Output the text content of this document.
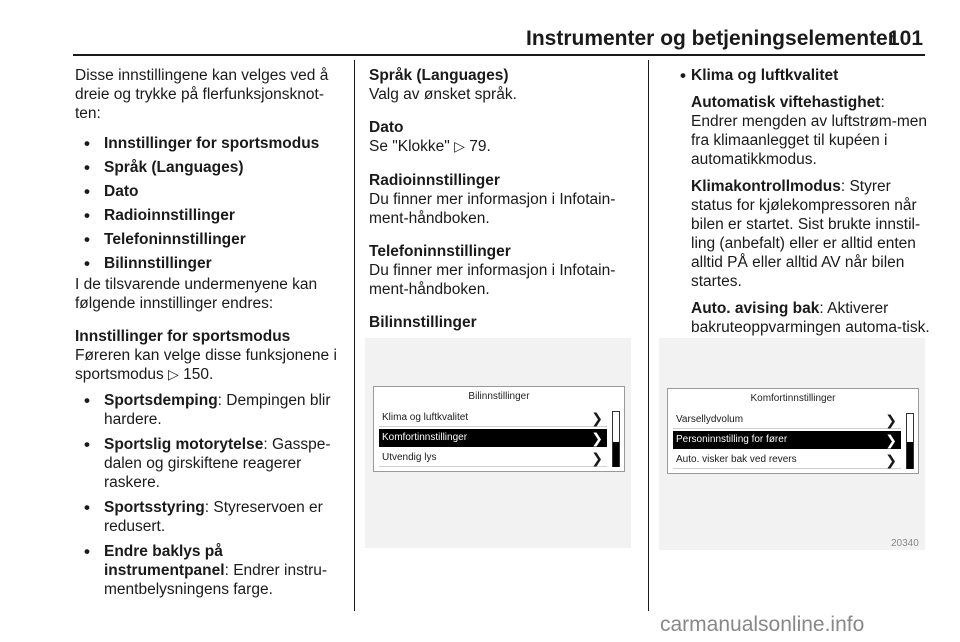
Instrumenter og betjeningselementer
101

Disse innstillingene kan velges ved å dreie og trykke på flerfunksjonsknot-ten:

• Innstillinger for sportsmodus
• Språk (Languages)
• Dato
• Radioinnstillinger
• Telefoninnstillinger
• Bilinnstillinger

I de tilsvarende undermenyene kan følgende innstillinger endres:

Innstillinger for sportsmodus

Føreren kan velge disse funksjonene i sportsmodus ▷ 150.

• Sportsdemping: Dempingen blir hardere.
• Sportslig motorytelse: Gasspe-dalen og girskiftene reagerer raskere.
• Sportsstyring: Styreservoen er redusert.
• Endre baklys på instrumentpanel: Endrer instru-mentbelysningens farge.

Språk (Languages)

Valg av ønsket språk.

Dato

Se "Klokke" ▷ 79.

Radioinnstillinger

Du finner mer informasjon i Infotain-ment-håndboken.

Telefoninnstillinger

Du finner mer informasjon i Infotain-ment-håndboken.

Bilinnstillinger

Bilinnstillinger
Klima og luftkvalitet	❯
Komfortinnstillinger	❯
Utvendig lys	❯
• Klima og luftkvalitet

Automatisk viftehastighet: Endrer mengden av luftstrøm-men fra klimaanlegget til kupéen i automatikkmodus.

Klimakontrollmodus: Styrer status for kjølekompressoren når bilen er startet. Sist brukte innstil-ling (anbefalt) eller er alltid enten alltid PÅ eller alltid AV når bilen startes.

Auto. avising bak: Aktiverer bakruteoppvarmingen automa-tisk.

Komfortinnstillinger
Varsellydvolum	❯
Personinnstilling for fører	❯
Auto. visker bak ved revers	❯
20340
carmanualsonline.info
